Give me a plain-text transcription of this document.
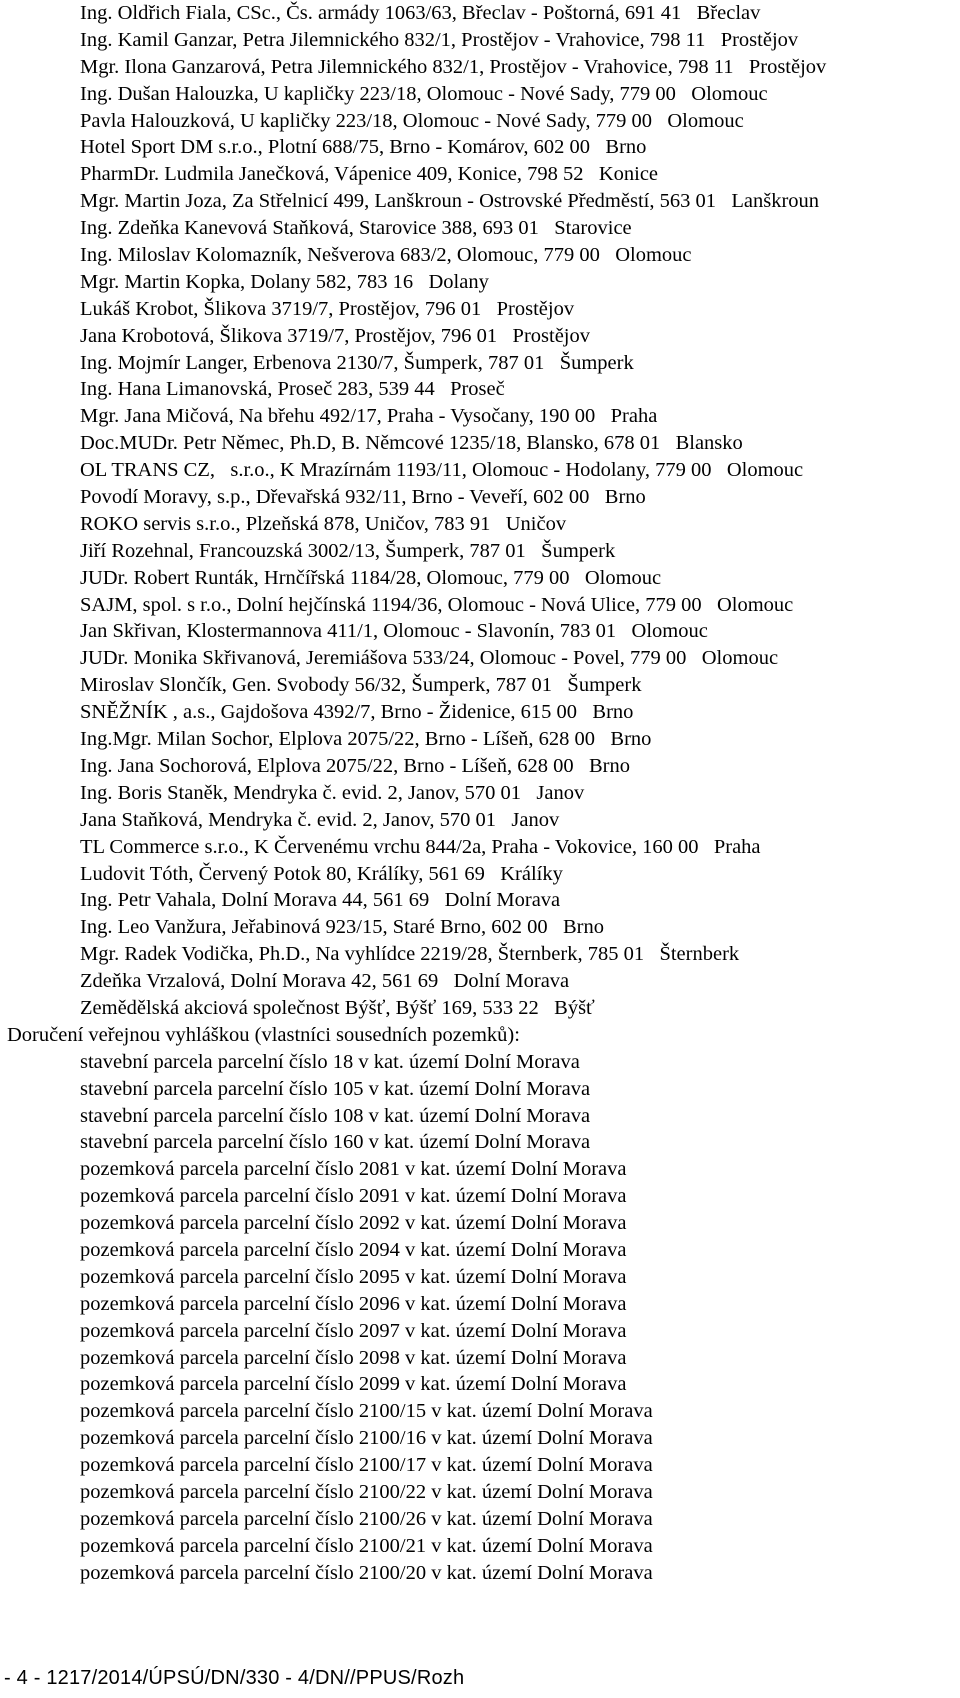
Ing. Oldřich Fiala, CSc., Čs. armády 1063/63, Břeclav - Poštorná, 691 41   Břeclav
Ing. Kamil Ganzar, Petra Jilemnického 832/1, Prostějov - Vrahovice, 798 11   Prostějov
Mgr. Ilona Ganzarová, Petra Jilemnického 832/1, Prostějov - Vrahovice, 798 11   Prostějov
Ing. Dušan Halouzka, U kapličky 223/18, Olomouc - Nové Sady, 779 00   Olomouc
Pavla Halouzková, U kapličky 223/18, Olomouc - Nové Sady, 779 00   Olomouc
Hotel Sport DM s.r.o., Plotní 688/75, Brno - Komárov, 602 00   Brno
PharmDr. Ludmila Janečková, Vápenice 409, Konice, 798 52   Konice
Mgr. Martin Joza, Za Střelnicí 499, Lanškroun - Ostrovské Předměstí, 563 01   Lanškroun
Ing. Zdeňka Kanevová Staňková, Starovice 388, 693 01   Starovice
Ing. Miloslav Kolomazník, Nešverova 683/2, Olomouc, 779 00   Olomouc
Mgr. Martin Kopka, Dolany 582, 783 16   Dolany
Lukáš Krobot, Šlikova 3719/7, Prostějov, 796 01   Prostějov
Jana Krobotová, Šlikova 3719/7, Prostějov, 796 01   Prostějov
Ing. Mojmír Langer, Erbenova 2130/7, Šumperk, 787 01   Šumperk
Ing. Hana Limanovská, Proseč 283, 539 44   Proseč
Mgr. Jana Mičová, Na břehu 492/17, Praha - Vysočany, 190 00   Praha
Doc.MUDr. Petr Němec, Ph.D, B. Němcové 1235/18, Blansko, 678 01   Blansko
OL TRANS CZ,   s.r.o., K Mrazírnám 1193/11, Olomouc - Hodolany, 779 00   Olomouc
Povodí Moravy, s.p., Dřevařská 932/11, Brno - Veveří, 602 00   Brno
ROKO servis s.r.o., Plzeňská 878, Uničov, 783 91   Uničov
Jiří Rozehnal, Francouzská 3002/13, Šumperk, 787 01   Šumperk
JUDr. Robert Runták, Hrnčířská 1184/28, Olomouc, 779 00   Olomouc
SAJM, spol. s r.o., Dolní hejčínská 1194/36, Olomouc - Nová Ulice, 779 00   Olomouc
Jan Skřivan, Klostermannova 411/1, Olomouc - Slavonín, 783 01   Olomouc
JUDr. Monika Skřivanová, Jeremiášova 533/24, Olomouc - Povel, 779 00   Olomouc
Miroslav Slončík, Gen. Svobody 56/32, Šumperk, 787 01   Šumperk
SNĚŽNÍK , a.s., Gajdošova 4392/7, Brno - Židenice, 615 00   Brno
Ing.Mgr. Milan Sochor, Elplova 2075/22, Brno - Líšeň, 628 00   Brno
Ing. Jana Sochorová, Elplova 2075/22, Brno - Líšeň, 628 00   Brno
Ing. Boris Staněk, Mendryka č. evid. 2, Janov, 570 01   Janov
Jana Staňková, Mendryka č. evid. 2, Janov, 570 01   Janov
TL Commerce s.r.o., K Červenému vrchu 844/2a, Praha - Vokovice, 160 00   Praha
Ludovit Tóth, Červený Potok 80, Králíky, 561 69   Králíky
Ing. Petr Vahala, Dolní Morava 44, 561 69   Dolní Morava
Ing. Leo Vanžura, Jeřabinová 923/15, Staré Brno, 602 00   Brno
Mgr. Radek Vodička, Ph.D., Na vyhlídce 2219/28, Šternberk, 785 01   Šternberk
Zdeňka Vrzalová, Dolní Morava 42, 561 69   Dolní Morava
Zemědělská akciová společnost Býšť, Býšť 169, 533 22   Býšť
Doručení veřejnou vyhláškou (vlastníci sousedních pozemků):
stavební parcela parcelní číslo 18 v kat. území Dolní Morava
stavební parcela parcelní číslo 105 v kat. území Dolní Morava
stavební parcela parcelní číslo 108 v kat. území Dolní Morava
stavební parcela parcelní číslo 160 v kat. území Dolní Morava
pozemková parcela parcelní číslo 2081 v kat. území Dolní Morava
pozemková parcela parcelní číslo 2091 v kat. území Dolní Morava
pozemková parcela parcelní číslo 2092 v kat. území Dolní Morava
pozemková parcela parcelní číslo 2094 v kat. území Dolní Morava
pozemková parcela parcelní číslo 2095 v kat. území Dolní Morava
pozemková parcela parcelní číslo 2096 v kat. území Dolní Morava
pozemková parcela parcelní číslo 2097 v kat. území Dolní Morava
pozemková parcela parcelní číslo 2098 v kat. území Dolní Morava
pozemková parcela parcelní číslo 2099 v kat. území Dolní Morava
pozemková parcela parcelní číslo 2100/15 v kat. území Dolní Morava
pozemková parcela parcelní číslo 2100/16 v kat. území Dolní Morava
pozemková parcela parcelní číslo 2100/17 v kat. území Dolní Morava
pozemková parcela parcelní číslo 2100/22 v kat. území Dolní Morava
pozemková parcela parcelní číslo 2100/26 v kat. území Dolní Morava
pozemková parcela parcelní číslo 2100/21 v kat. území Dolní Morava
pozemková parcela parcelní číslo 2100/20 v kat. území Dolní Morava
- 4 - 1217/2014/ÚPSÚ/DN/330 - 4/DN//PPUS/Rozh
